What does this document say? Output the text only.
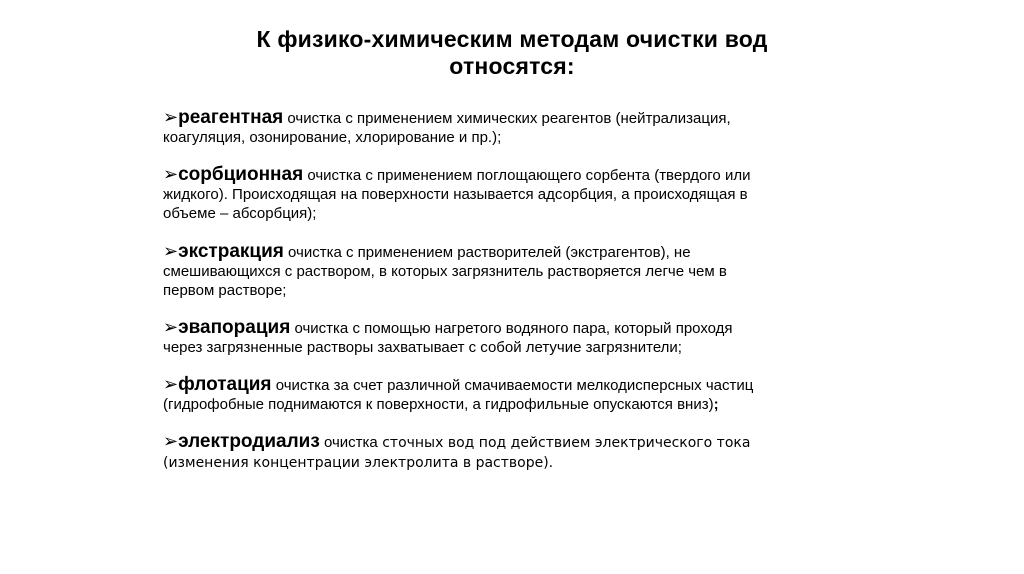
К физико-химическим методам очистки вод
относятся:
➢реагентная очистка с применением химических реагентов (нейтрализация,
коагуляция, озонирование, хлорирование и пр.);
➢сорбционная очистка с применением поглощающего сорбента (твердого или
жидкого). Происходящая на поверхности называется адсорбция, а происходящая в
объеме – абсорбция);
➢экстракция очистка с применением растворителей (экстрагентов), не
смешивающихся с раствором, в которых загрязнитель растворяется легче чем в
первом растворе;
➢эвапорация очистка с помощью нагретого водяного пара, который проходя
через загрязненные растворы захватывает с собой летучие загрязнители;
➢флотация очистка за счет различной смачиваемости мелкодисперсных частиц
(гидрофобные поднимаются к поверхности, а гидрофильные опускаются вниз);
➢электродиализ очистка сточных вод под действием электрического тока
(изменения концентрации электролита в растворе).
